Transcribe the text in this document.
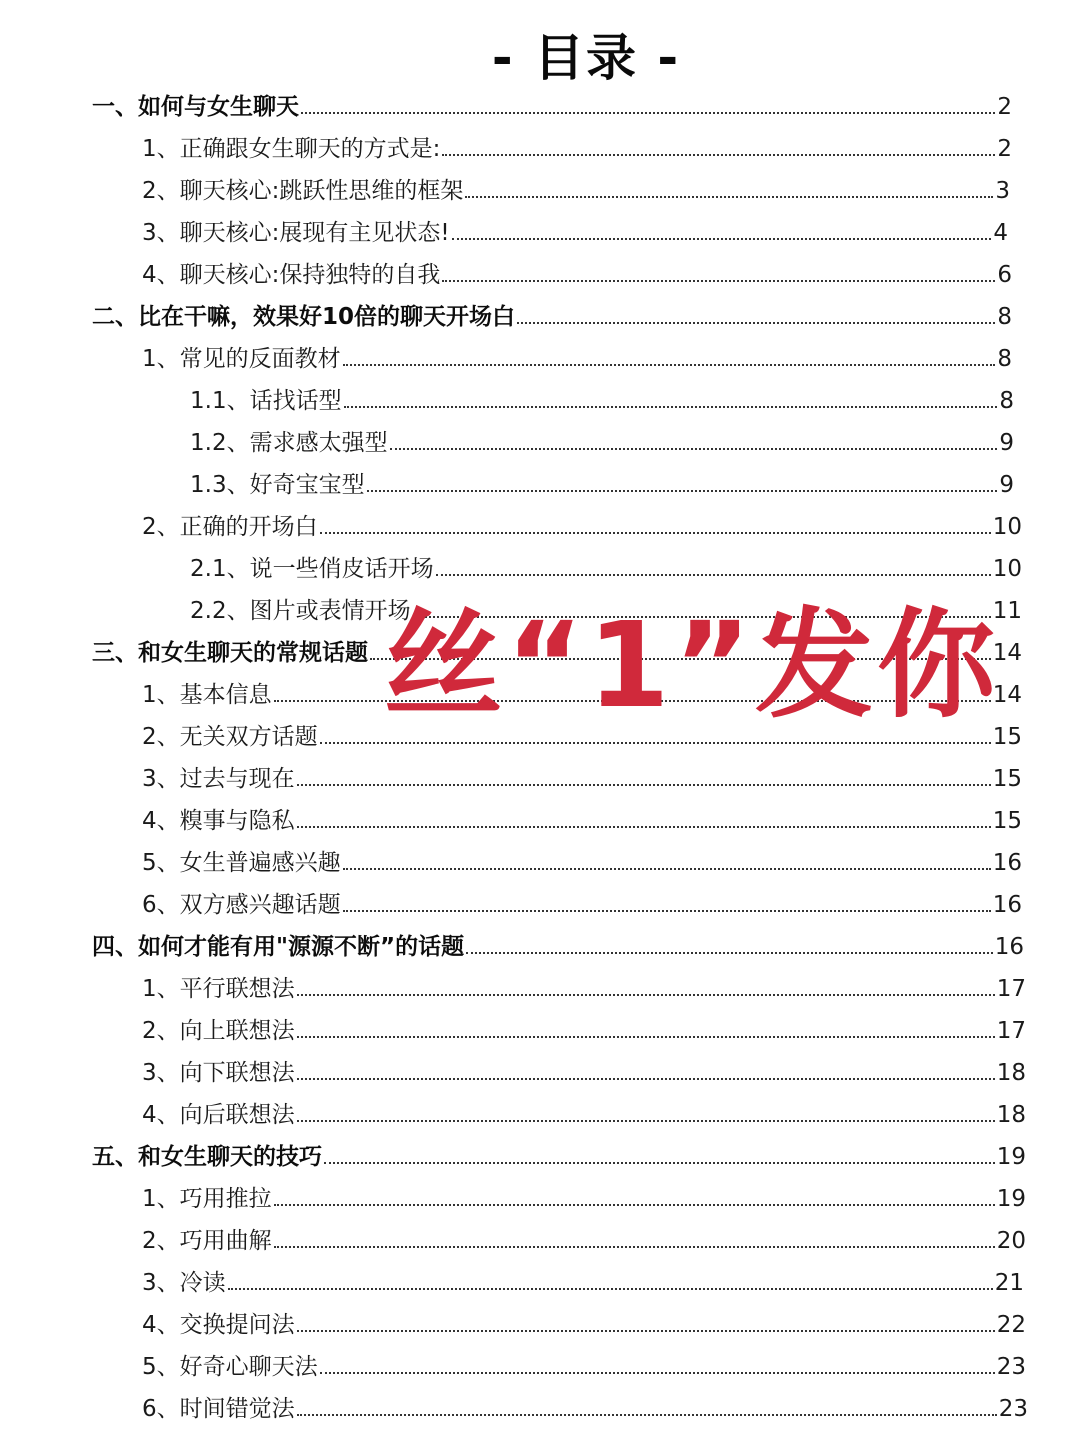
- 目录 -
一、如何与女生聊天	2
1、正确跟女生聊天的方式是:	2
2、聊天核心:跳跃性思维的框架	3
3、聊天核心:展现有主见状态!	4
4、聊天核心:保持独特的自我	6
二、比在干嘛，效果好10倍的聊天开场白	8
1、常见的反面教材	8
1.1、话找话型	8
1.2、需求感太强型	9
1.3、好奇宝宝型	9
2、正确的开场白	10
2.1、说一些俏皮话开场	10
2.2、图片或表情开场	11
三、和女生聊天的常规话题	14
1、基本信息	14
2、无关双方话题	15
3、过去与现在	15
4、糗事与隐私	15
5、女生普遍感兴趣	16
6、双方感兴趣话题	16
四、如何才能有用"源源不断”的话题	16
1、平行联想法	17
2、向上联想法	17
3、向下联想法	18
4、向后联想法	18
五、和女生聊天的技巧	19
1、巧用推拉	19
2、巧用曲解	20
3、冷读	21
4、交换提问法	22
5、好奇心聊天法	23
6、时间错觉法	23
丝“1”发你
